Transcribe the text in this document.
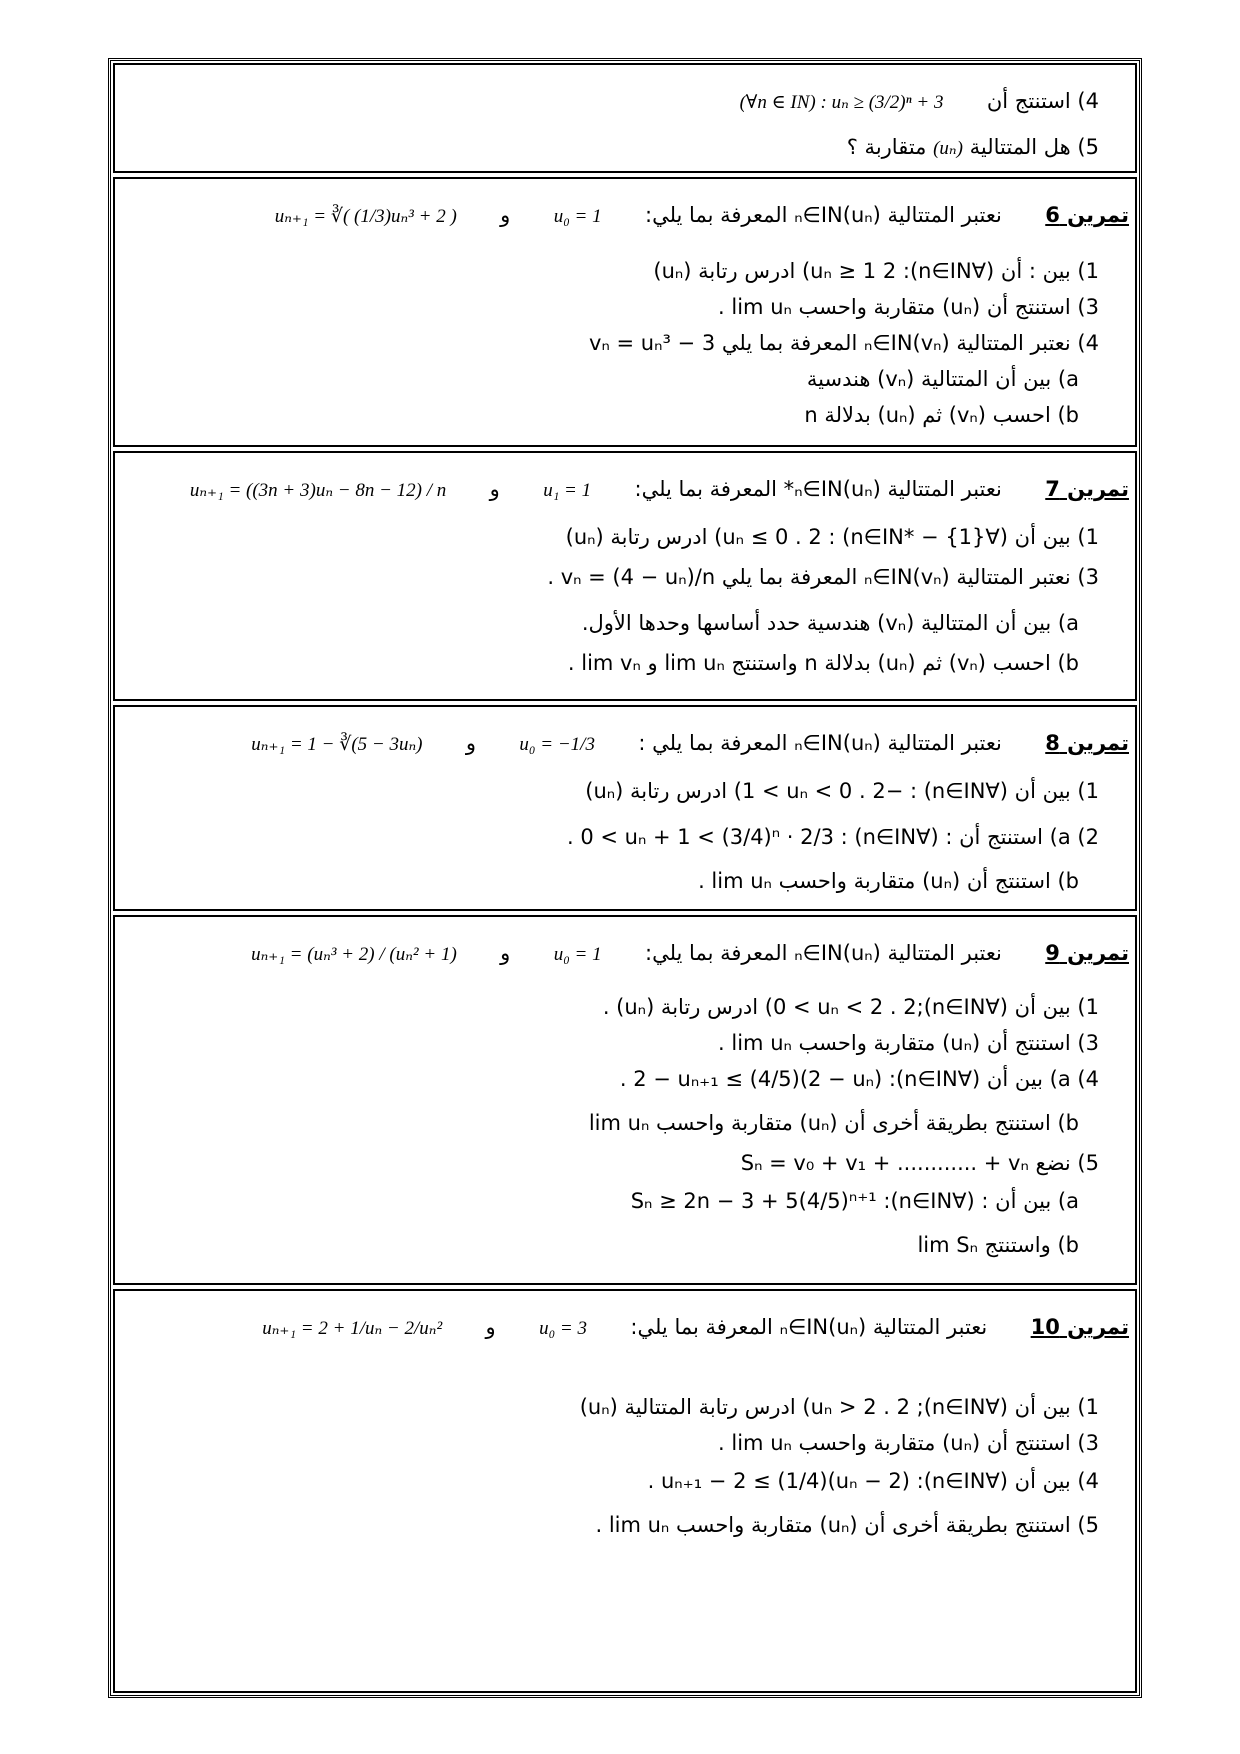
4) استنتج أن  (∀n ∈ IN) : uₙ ≥ (3/2)ⁿ + 3
5) هل المتتالية (uₙ) متقاربة ؟
تمرين 6  نعتبر المتتالية (uₙ)ₙ∈IN المعرفة بما يلي:  u₀ = 1  و  uₙ₊₁ = ∛( (1/3)uₙ³ + 2 )
1) بين : أن (∀n∈IN): uₙ ≥ 1 2) ادرس رتابة (uₙ)
3) استنتج أن (uₙ) متقاربة واحسب lim uₙ .
4) نعتبر المتتالية (vₙ)ₙ∈IN المعرفة بما يلي vₙ = uₙ³ − 3
a) بين أن المتتالية (vₙ) هندسية
b) احسب (vₙ) ثم (uₙ) بدلالة n
تمرين 7  نعتبر المتتالية (uₙ)ₙ∈IN* المعرفة بما يلي:  u₁ = 1  و  uₙ₊₁ = ((3n + 3)uₙ − 8n − 12) / n
1) بين أن (∀n∈IN* − {1}) : uₙ ≤ 0 . 2) ادرس رتابة (uₙ)
3) نعتبر المتتالية (vₙ)ₙ∈IN المعرفة بما يلي vₙ = (4 − uₙ)/n .
a) بين أن المتتالية (vₙ) هندسية حدد أساسها وحدها الأول.
b) احسب (vₙ) ثم (uₙ) بدلالة n واستنتج lim uₙ و lim vₙ .
تمرين 8  نعتبر المتتالية (uₙ)ₙ∈IN المعرفة بما يلي :  u₀ = −1/3  و  uₙ₊₁ = 1 − ∛(5 − 3uₙ)
1) بين أن (∀n∈IN) : −1 < uₙ < 0 . 2) ادرس رتابة (uₙ)
2) a) استنتج أن : (∀n∈IN) : 0 < uₙ + 1 < (3/4)ⁿ · 2/3 .
b) استنتج أن (uₙ) متقاربة واحسب lim uₙ .
تمرين 9  نعتبر المتتالية (uₙ)ₙ∈IN المعرفة بما يلي:  u₀ = 1  و  uₙ₊₁ = (uₙ³ + 2) / (uₙ² + 1)
1) بين أن (∀n∈IN);0 < uₙ < 2 . 2) ادرس رتابة (uₙ) .
3) استنتج أن (uₙ) متقاربة واحسب lim uₙ .
4) a) بين أن (∀n∈IN): 2 − uₙ₊₁ ≤ (4/5)(2 − uₙ) .
b) استنتج بطريقة أخرى أن (uₙ) متقاربة واحسب lim uₙ
5) نضع Sₙ = v₀ + v₁ + ............ + vₙ
a) بين أن : (∀n∈IN): Sₙ ≥ 2n − 3 + 5(4/5)ⁿ⁺¹
b) واستنتج lim Sₙ
تمرين 10  نعتبر المتتالية (uₙ)ₙ∈IN المعرفة بما يلي:  u₀ = 3  و  uₙ₊₁ = 2 + 1/uₙ − 2/uₙ²
1) بين أن (∀n∈IN); uₙ > 2 . 2) ادرس رتابة المتتالية (uₙ)
3) استنتج أن (uₙ) متقاربة واحسب lim uₙ .
4) بين أن (∀n∈IN): uₙ₊₁ − 2 ≤ (1/4)(uₙ − 2) .
5) استنتج بطريقة أخرى أن (uₙ) متقاربة واحسب lim uₙ .
